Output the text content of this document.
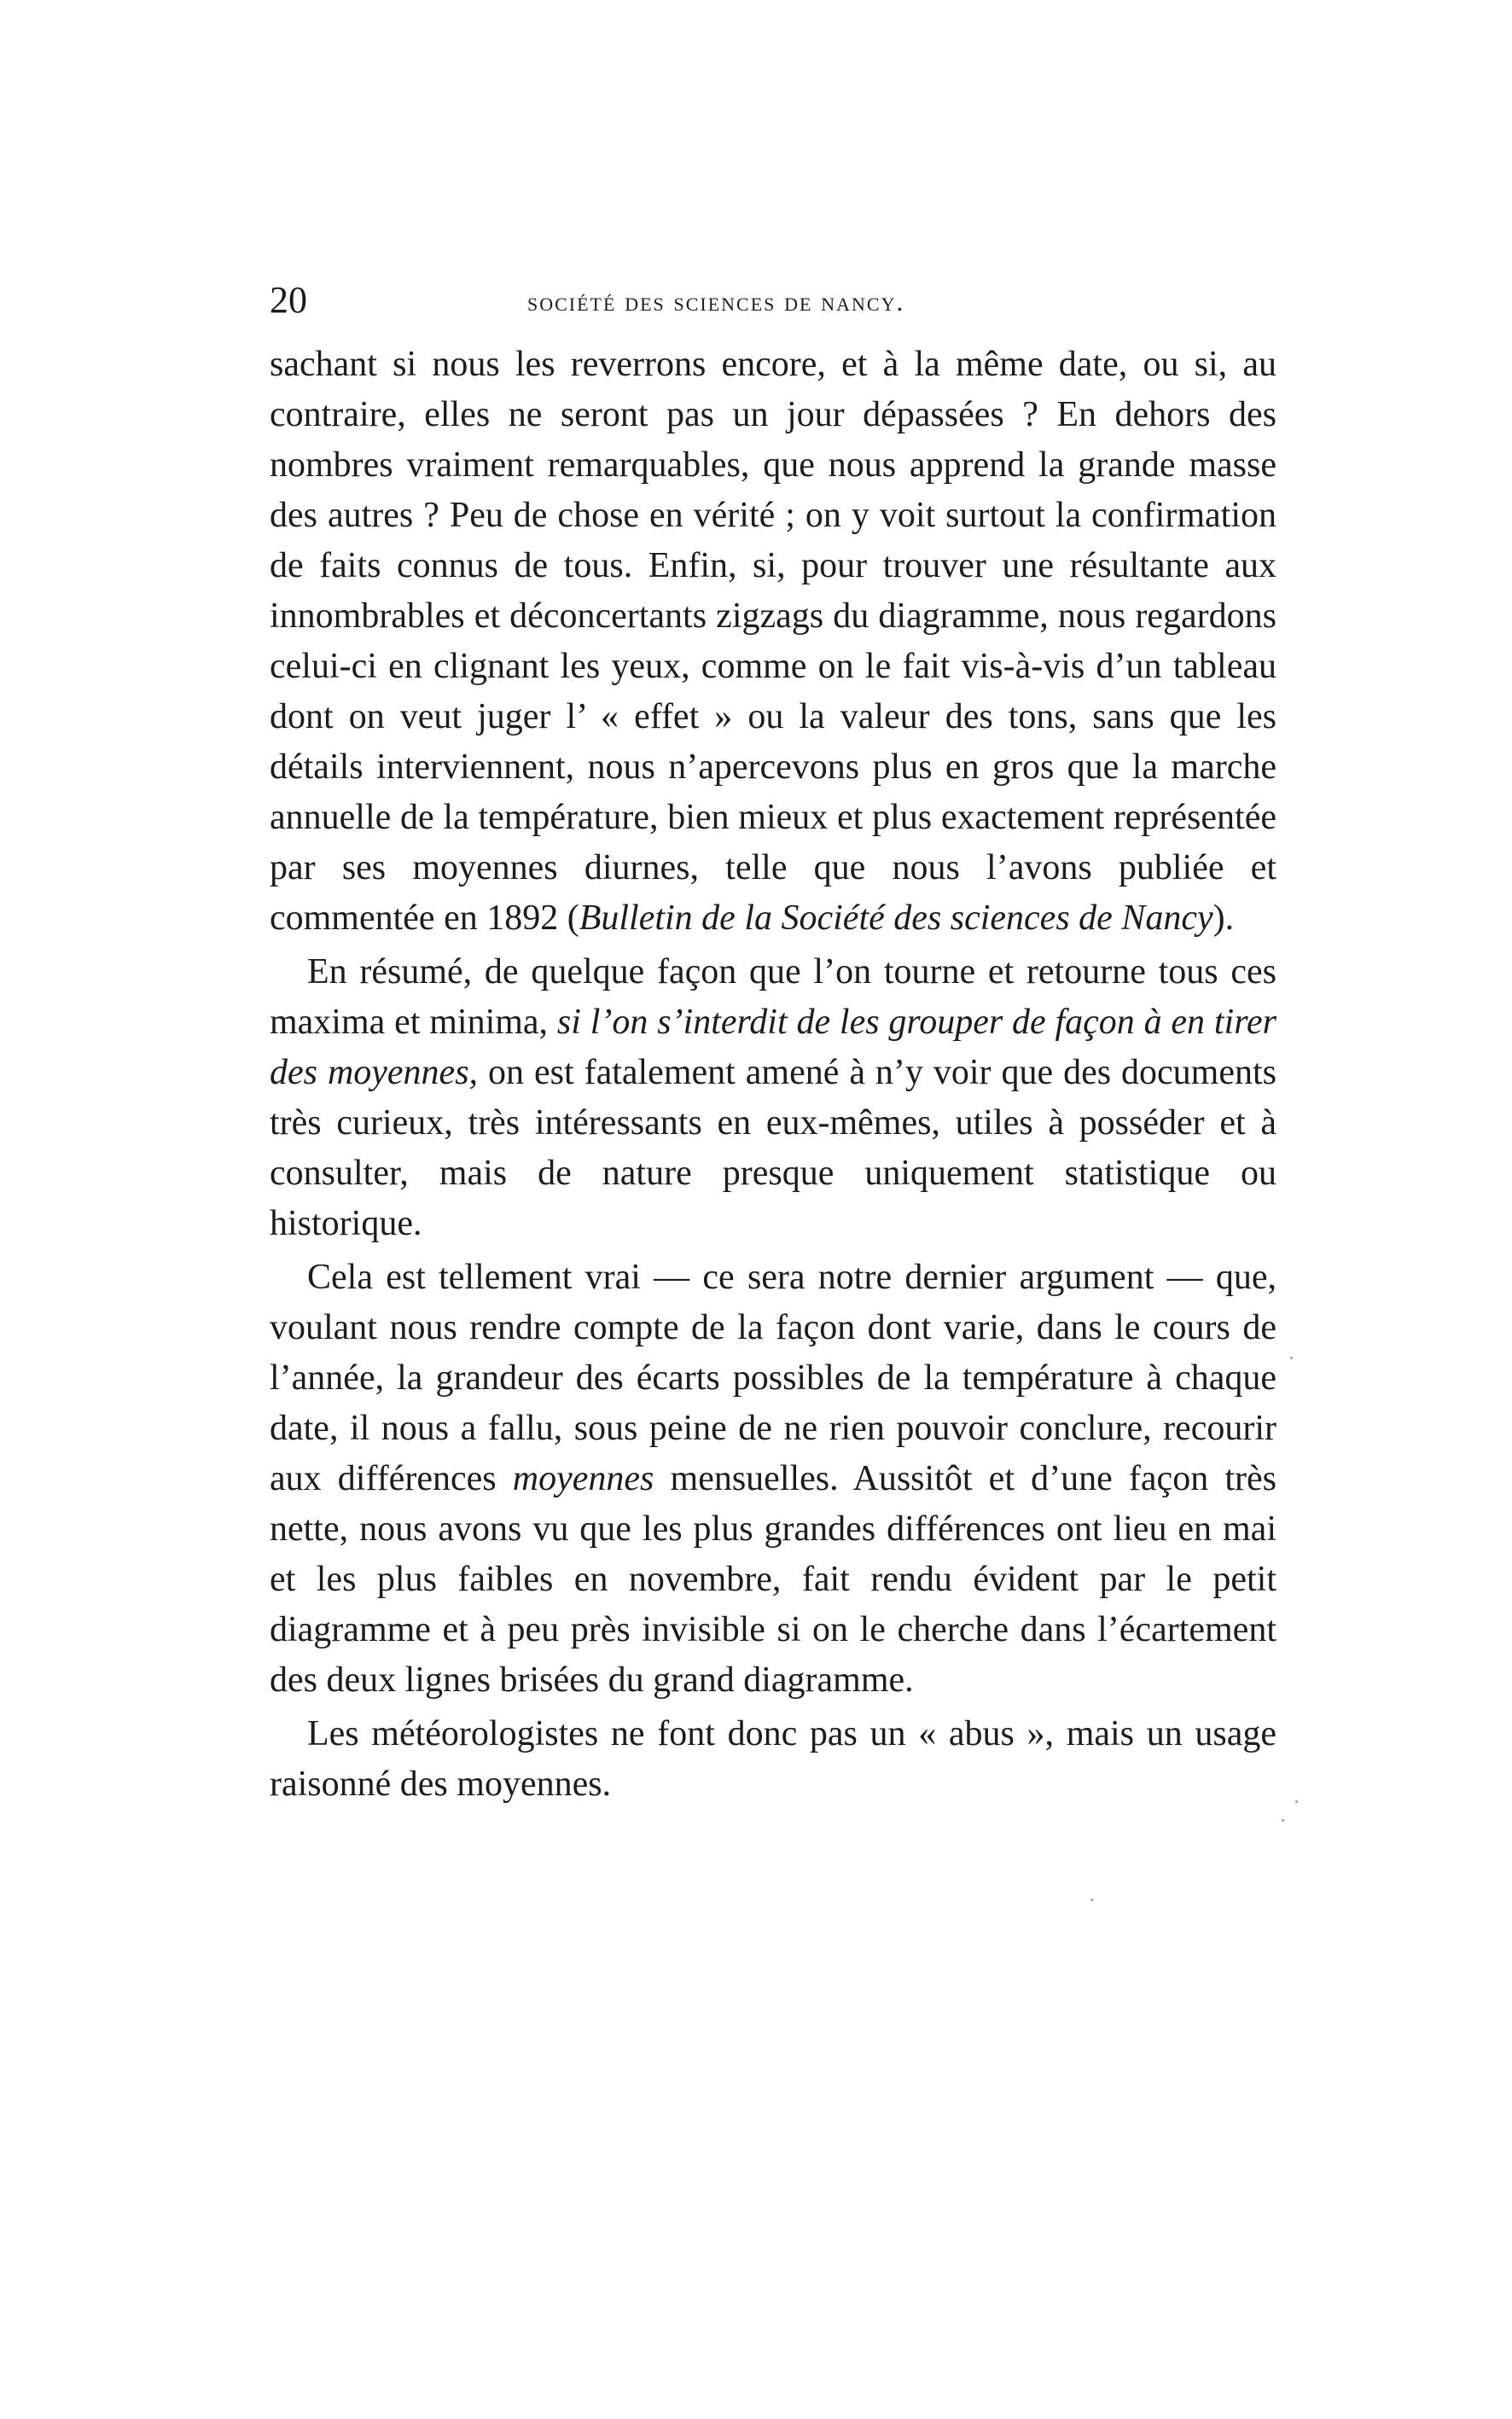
20	société des sciences de nancy.

sachant si nous les reverrons encore, et à la même date, ou si, au contraire, elles ne seront pas un jour dépassées ? En dehors des nombres vraiment remarquables, que nous apprend la grande masse des autres ? Peu de chose en vérité ; on y voit surtout la confirmation de faits connus de tous. Enfin, si, pour trouver une résultante aux innombrables et déconcertants zigzags du diagramme, nous regardons celui-ci en clignant les yeux, comme on le fait vis-à-vis d’un tableau dont on veut juger l’ « effet » ou la valeur des tons, sans que les détails interviennent, nous n’apercevons plus en gros que la marche annuelle de la température, bien mieux et plus exactement représentée par ses moyennes diurnes, telle que nous l’avons publiée et commentée en 1892 (Bulletin de la Société des sciences de Nancy).

En résumé, de quelque façon que l’on tourne et retourne tous ces maxima et minima, si l’on s’interdit de les grouper de façon à en tirer des moyennes, on est fatalement amené à n’y voir que des documents très curieux, très intéressants en eux-mêmes, utiles à posséder et à consulter, mais de nature presque uniquement statistique ou historique.

Cela est tellement vrai — ce sera notre dernier argument — que, voulant nous rendre compte de la façon dont varie, dans le cours de l’année, la grandeur des écarts possibles de la température à chaque date, il nous a fallu, sous peine de ne rien pouvoir conclure, recourir aux différences moyennes mensuelles. Aussitôt et d’une façon très nette, nous avons vu que les plus grandes différences ont lieu en mai et les plus faibles en novembre, fait rendu évident par le petit diagramme et à peu près invisible si on le cherche dans l’écartement des deux lignes brisées du grand diagramme.

Les météorologistes ne font donc pas un « abus », mais un usage raisonné des moyennes.
